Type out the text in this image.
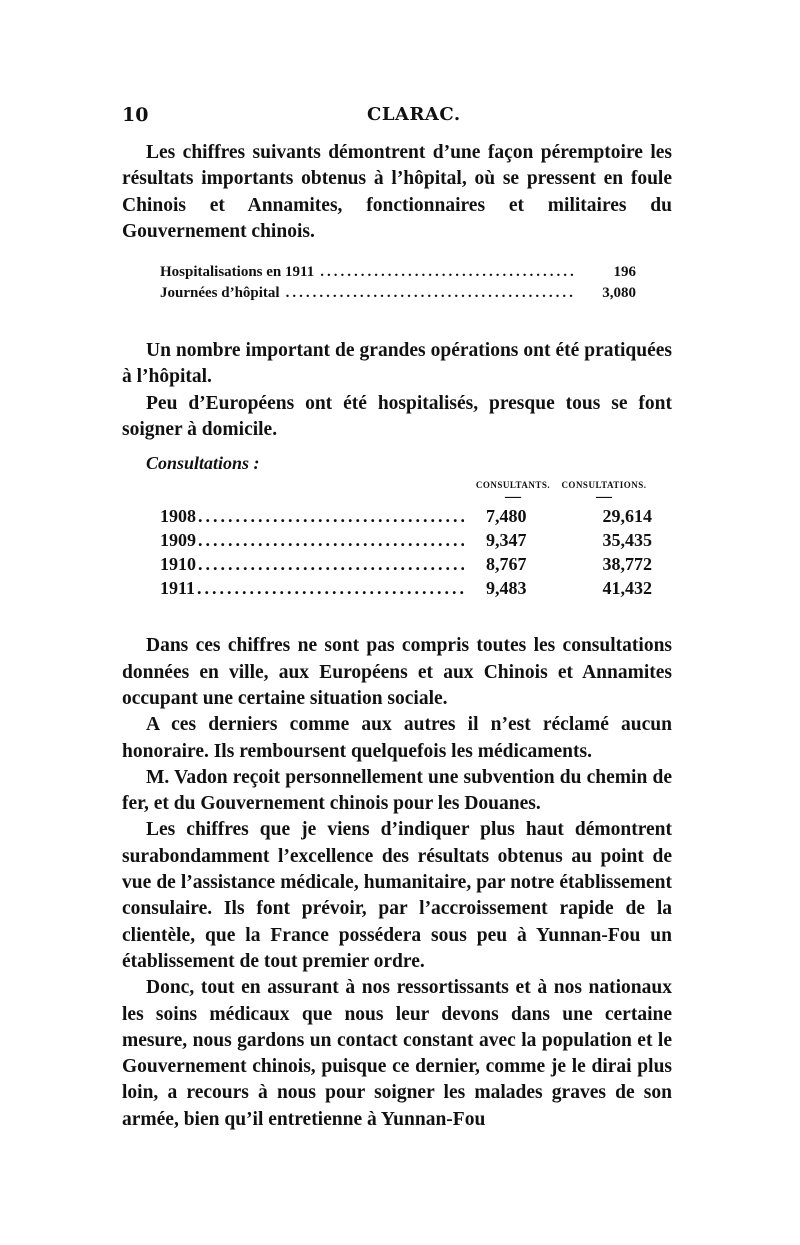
10	CLARAC.

Les chiffres suivants démontrent d’une façon péremptoire les résultats importants obtenus à l’hôpital, où se pressent en foule Chinois et Annamites, fonctionnaires et militaires du Gouvernement chinois.

Hospitalisations en 1911 .....	196
Journées d’hôpital .....	3,080

Un nombre important de grandes opérations ont été pratiquées à l’hôpital.

Peu d’Européens ont été hospitalisés, presque tous se font soigner à domicile.

Consultations :
CONSULTANTS.	CONSULTATIONS.
—	—
1908 .....	7,480	29,614
1909 .....	9,347	35,435
1910 .....	8,767	38,772
1911 .....	9,483	41,432

Dans ces chiffres ne sont pas compris toutes les consultations données en ville, aux Européens et aux Chinois et Annamites occupant une certaine situation sociale.

A ces derniers comme aux autres il n’est réclamé aucun honoraire. Ils remboursent quelquefois les médicaments.

M. Vadon reçoit personnellement une subvention du chemin de fer, et du Gouvernement chinois pour les Douanes.

Les chiffres que je viens d’indiquer plus haut démontrent surabondamment l’excellence des résultats obtenus au point de vue de l’assistance médicale, humanitaire, par notre établissement consulaire. Ils font prévoir, par l’accroissement rapide de la clientèle, que la France possédera sous peu à Yunnan-Fou un établissement de tout premier ordre.

Donc, tout en assurant à nos ressortissants et à nos nationaux les soins médicaux que nous leur devons dans une certaine mesure, nous gardons un contact constant avec la population et le Gouvernement chinois, puisque ce dernier, comme je le dirai plus loin, a recours à nous pour soigner les malades graves de son armée, bien qu’il entretienne à Yunnan-Fou
